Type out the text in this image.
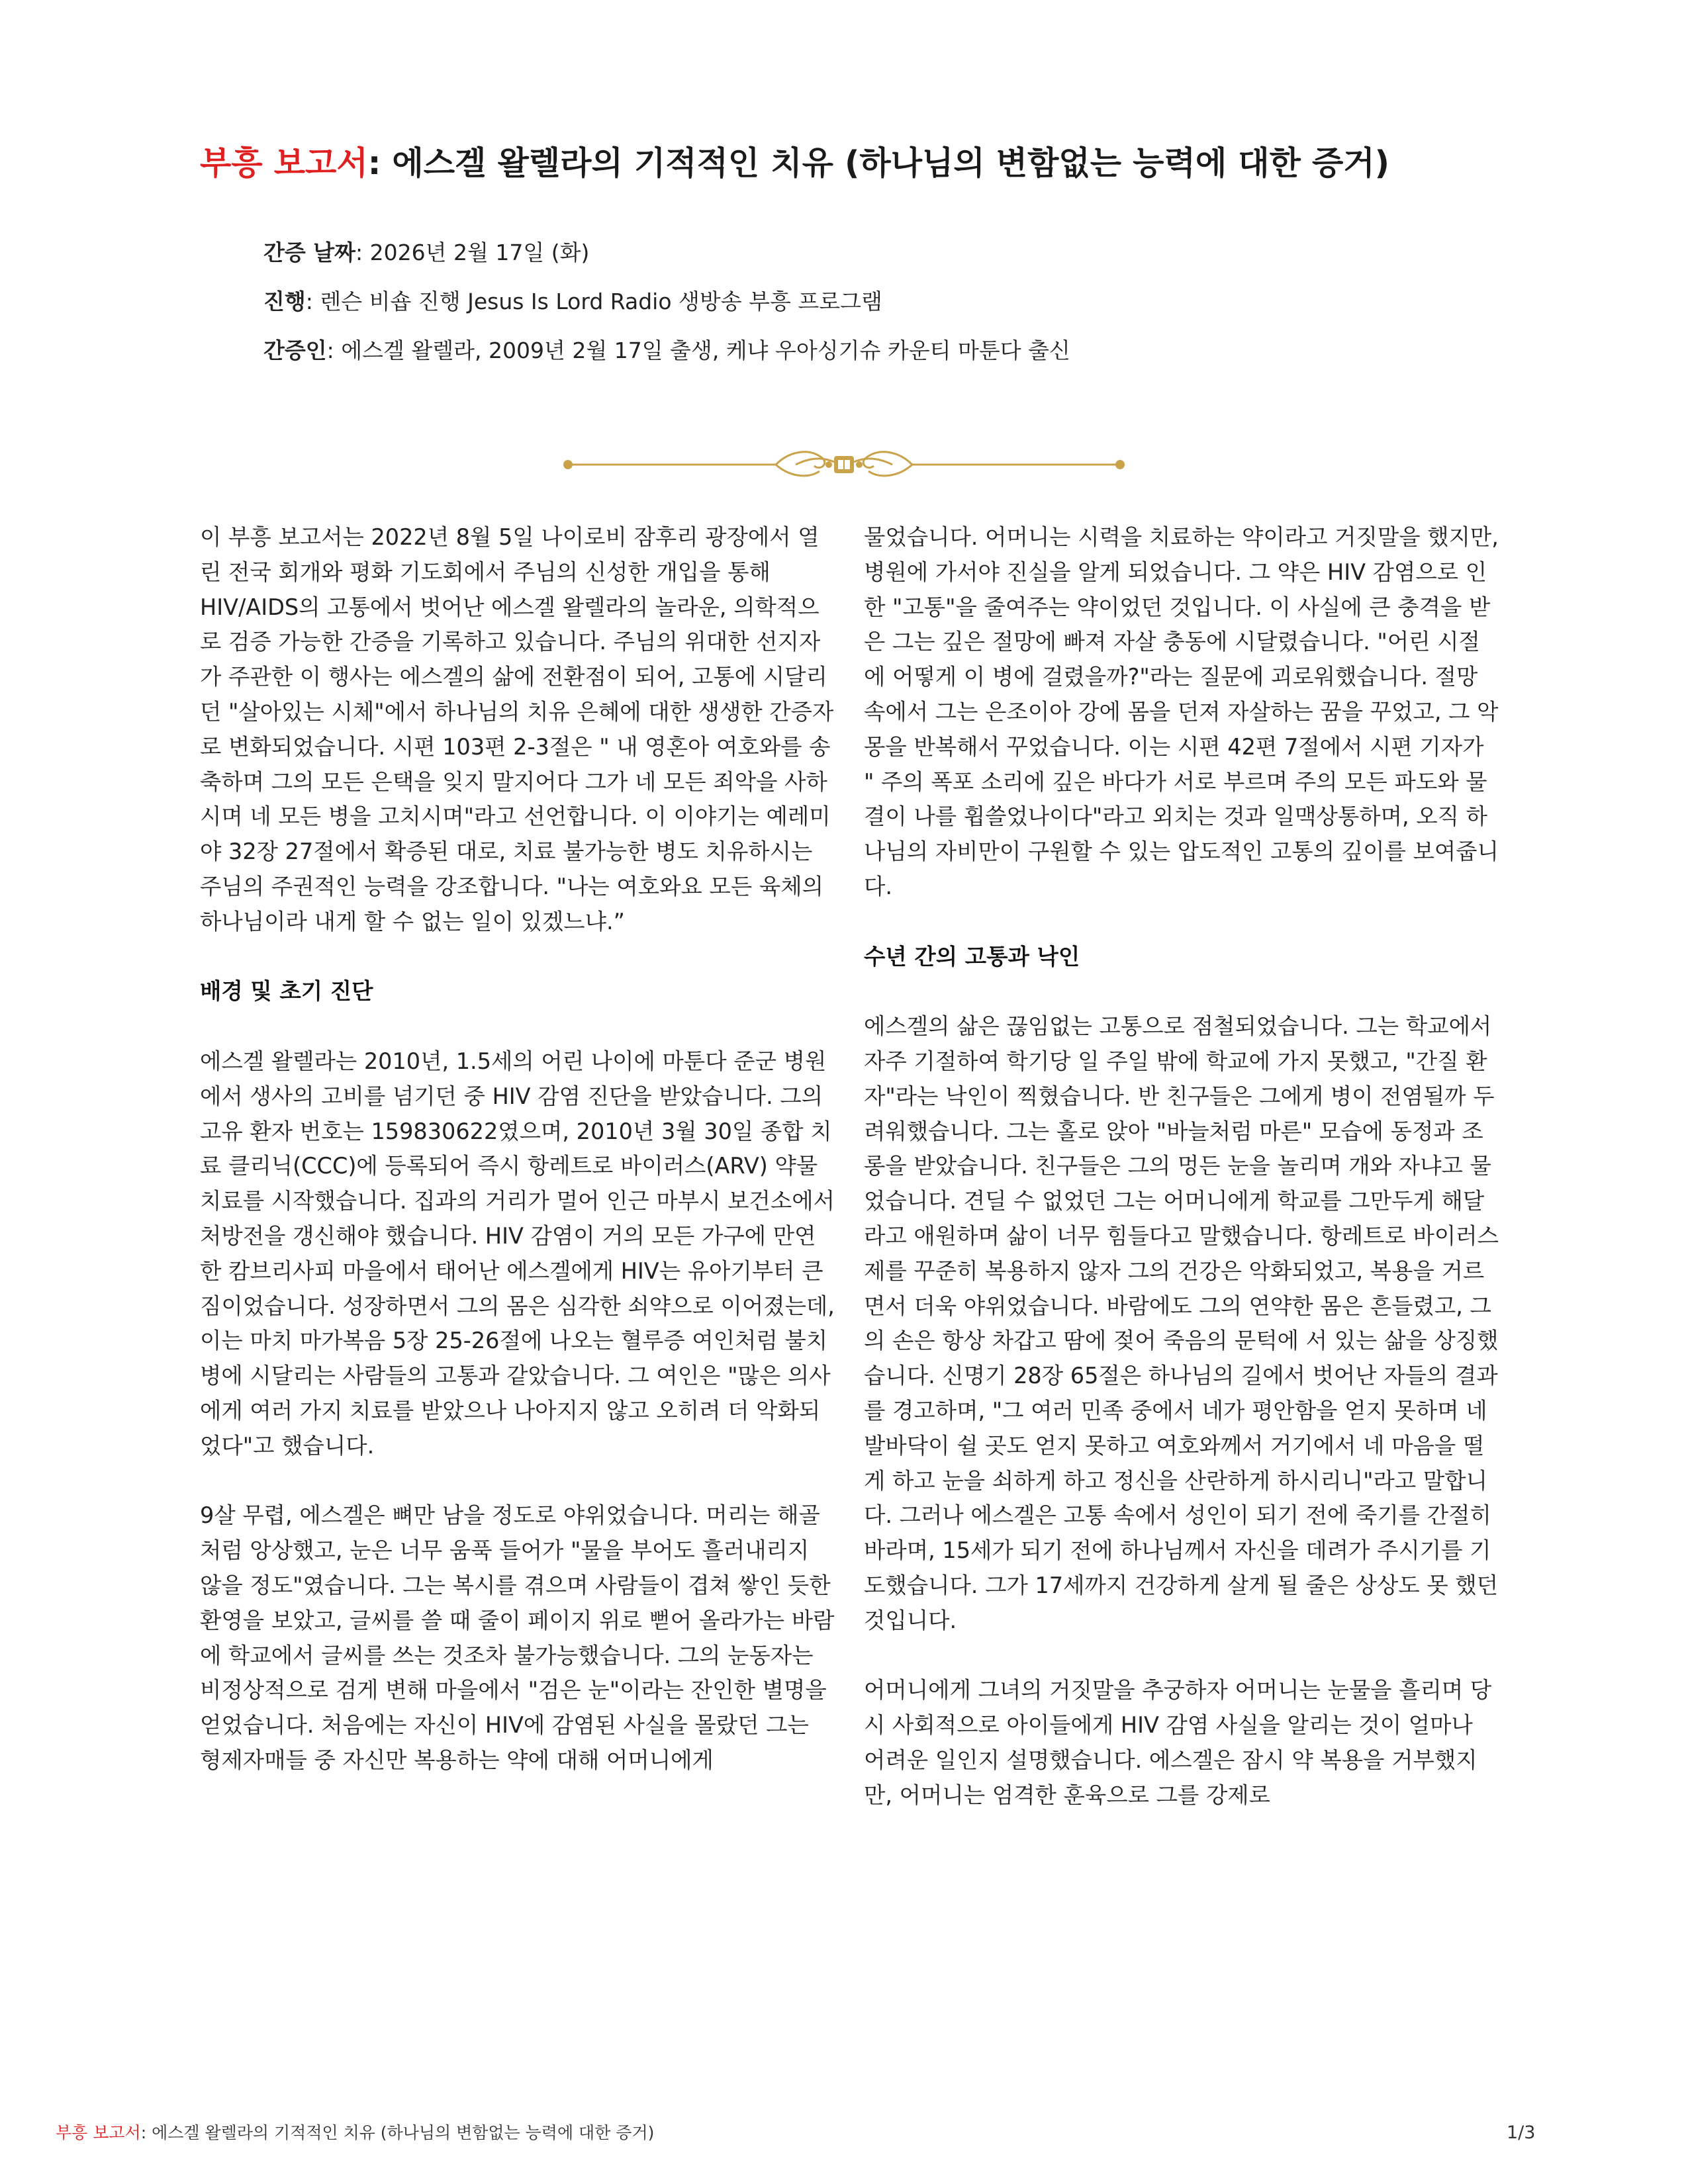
부흥 보고서: 에스겔 왈렐라의 기적적인 치유 (하나님의 변함없는 능력에 대한 증거)
간증 날짜: 2026년 2월 17일 (화)
진행: 렌슨 비숍 진행 Jesus Is Lord Radio 생방송 부흥 프로그램
간증인: 에스겔 왈렐라, 2009년 2월 17일 출생, 케냐 우아싱기슈 카운티 마툰다 출신

이 부흥 보고서는 2022년 8월 5일 나이로비 잠후리 광장에서 열린 전국 회개와 평화 기도회에서 주님의 신성한 개입을 통해 HIV/AIDS의 고통에서 벗어난 에스겔 왈렐라의 놀라운, 의학적으로 검증 가능한 간증을 기록하고 있습니다. 주님의 위대한 선지자가 주관한 이 행사는 에스겔의 삶에 전환점이 되어, 고통에 시달리던 "살아있는 시체"에서 하나님의 치유 은혜에 대한 생생한 간증자로 변화되었습니다. 시편 103편 2-3절은 " 내 영혼아 여호와를 송축하며 그의 모든 은택을 잊지 말지어다 그가 네 모든 죄악을 사하시며 네 모든 병을 고치시며"라고 선언합니다. 이 이야기는 예레미야 32장 27절에서 확증된 대로, 치료 불가능한 병도 치유하시는 주님의 주권적인 능력을 강조합니다. "나는 여호와요 모든 육체의 하나님이라 내게 할 수 없는 일이 있겠느냐.”

배경 및 초기 진단

에스겔 왈렐라는 2010년, 1.5세의 어린 나이에 마툰다 준군 병원에서 생사의 고비를 넘기던 중 HIV 감염 진단을 받았습니다. 그의 고유 환자 번호는 159830622였으며, 2010년 3월 30일 종합 치료 클리닉(CCC)에 등록되어 즉시 항레트로 바이러스(ARV) 약물 치료를 시작했습니다. 집과의 거리가 멀어 인근 마부시 보건소에서 처방전을 갱신해야 했습니다. HIV 감염이 거의 모든 가구에 만연한 캄브리사피 마을에서 태어난 에스겔에게 HIV는 유아기부터 큰 짐이었습니다. 성장하면서 그의 몸은 심각한 쇠약으로 이어졌는데, 이는 마치 마가복음 5장 25-26절에 나오는 혈루증 여인처럼 불치병에 시달리는 사람들의 고통과 같았습니다. 그 여인은 "많은 의사에게 여러 가지 치료를 받았으나 나아지지 않고 오히려 더 악화되었다"고 했습니다.

9살 무렵, 에스겔은 뼈만 남을 정도로 야위었습니다. 머리는 해골처럼 앙상했고, 눈은 너무 움푹 들어가 "물을 부어도 흘러내리지 않을 정도"였습니다. 그는 복시를 겪으며 사람들이 겹쳐 쌓인 듯한 환영을 보았고, 글씨를 쓸 때 줄이 페이지 위로 뻗어 올라가는 바람에 학교에서 글씨를 쓰는 것조차 불가능했습니다. 그의 눈동자는 비정상적으로 검게 변해 마을에서 "검은 눈"이라는 잔인한 별명을 얻었습니다. 처음에는 자신이 HIV에 감염된 사실을 몰랐던 그는 형제자매들 중 자신만 복용하는 약에 대해 어머니에게

물었습니다. 어머니는 시력을 치료하는 약이라고 거짓말을 했지만, 병원에 가서야 진실을 알게 되었습니다. 그 약은 HIV 감염으로 인한 "고통"을 줄여주는 약이었던 것입니다. 이 사실에 큰 충격을 받은 그는 깊은 절망에 빠져 자살 충동에 시달렸습니다. "어린 시절에 어떻게 이 병에 걸렸을까?"라는 질문에 괴로워했습니다. 절망 속에서 그는 은조이아 강에 몸을 던져 자살하는 꿈을 꾸었고, 그 악몽을 반복해서 꾸었습니다. 이는 시편 42편 7절에서 시편 기자가 " 주의 폭포 소리에 깊은 바다가 서로 부르며 주의 모든 파도와 물결이 나를 휩쓸었나이다"라고 외치는 것과 일맥상통하며, 오직 하나님의 자비만이 구원할 수 있는 압도적인 고통의 깊이를 보여줍니다.

수년 간의 고통과 낙인

에스겔의 삶은 끊임없는 고통으로 점철되었습니다. 그는 학교에서 자주 기절하여 학기당 일 주일 밖에 학교에 가지 못했고, "간질 환자"라는 낙인이 찍혔습니다. 반 친구들은 그에게 병이 전염될까 두려워했습니다. 그는 홀로 앉아 "바늘처럼 마른" 모습에 동정과 조롱을 받았습니다. 친구들은 그의 멍든 눈을 놀리며 개와 자냐고 물었습니다. 견딜 수 없었던 그는 어머니에게 학교를 그만두게 해달라고 애원하며 삶이 너무 힘들다고 말했습니다. 항레트로 바이러스제를 꾸준히 복용하지 않자 그의 건강은 악화되었고, 복용을 거르면서 더욱 야위었습니다. 바람에도 그의 연약한 몸은 흔들렸고, 그의 손은 항상 차갑고 땀에 젖어 죽음의 문턱에 서 있는 삶을 상징했습니다. 신명기 28장 65절은 하나님의 길에서 벗어난 자들의 결과를 경고하며, "그 여러 민족 중에서 네가 평안함을 얻지 못하며 네 발바닥이 쉴 곳도 얻지 못하고 여호와께서 거기에서 네 마음을 떨게 하고 눈을 쇠하게 하고 정신을 산란하게 하시리니"라고 말합니다. 그러나 에스겔은 고통 속에서 성인이 되기 전에 죽기를 간절히 바라며, 15세가 되기 전에 하나님께서 자신을 데려가 주시기를 기도했습니다. 그가 17세까지 건강하게 살게 될 줄은 상상도 못 했던 것입니다.

어머니에게 그녀의 거짓말을 추궁하자 어머니는 눈물을 흘리며 당시 사회적으로 아이들에게 HIV 감염 사실을 알리는 것이 얼마나 어려운 일인지 설명했습니다. 에스겔은 잠시 약 복용을 거부했지만, 어머니는 엄격한 훈육으로 그를 강제로

부흥 보고서: 에스겔 왈렐라의 기적적인 치유 (하나님의 변함없는 능력에 대한 증거)	1/3
